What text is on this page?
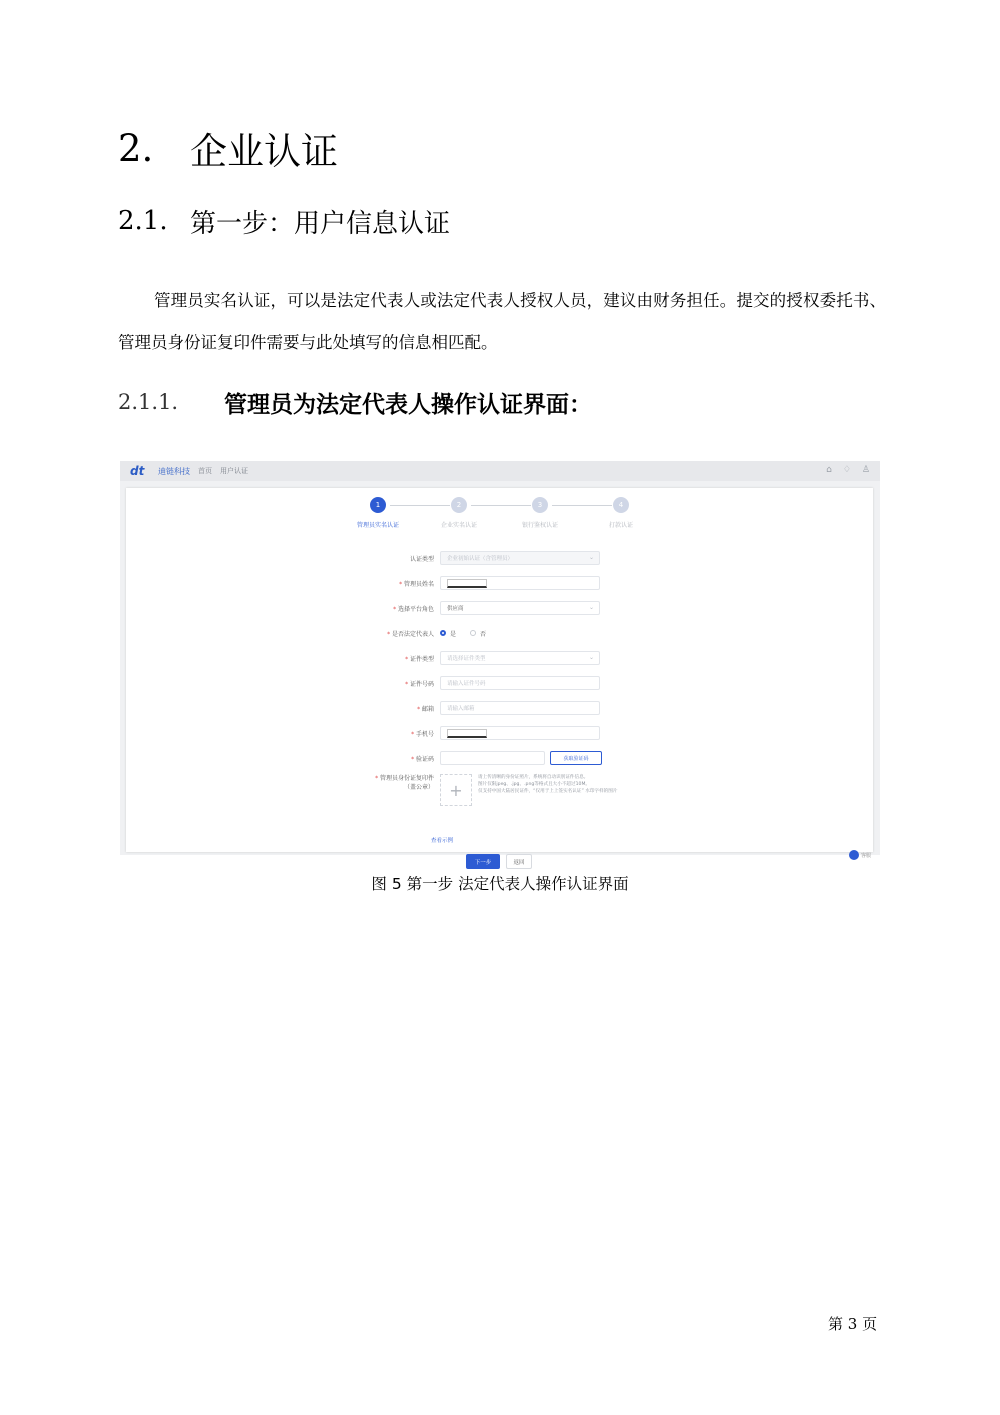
2. 企业认证
2.1. 第一步：用户信息认证

管理员实名认证，可以是法定代表人或法定代表人授权人员，建议由财务担任。提交的授权委托书、管理员身份证复印件需要与此处填写的信息相匹配。

2.1.1.	管理员为法定代表人操作认证界面：
dt	迪链科技 首页 用户认证	⌂ ♢ ♙
1	2	3	4
管理员实名认证	企业实名认证	银行鉴权认证	打款认证
认证类型	企业初始认证（含管理员）	⌄
* 管理员姓名
* 选择平台角色	供应商	⌄
* 是否法定代表人	是	否
* 证件类型	请选择证件类型	⌄
* 证件号码	请输入证件号码
* 邮箱	请输入邮箱
* 手机号
* 验证码	获取验证码
* 管理员身份证复印件（盖公章） +
请上传清晰的身份证照片，系统将自动识别证件信息。
图片仅限jpeg、.jpg、.png等格式且大小不超过10M。
仅支持中国大陆居民证件，“仅用于上上签实名认证” 水印字样的图片
查看示例
下一步	返回
客服
图 5 第一步 法定代表人操作认证界面
第 3 页
